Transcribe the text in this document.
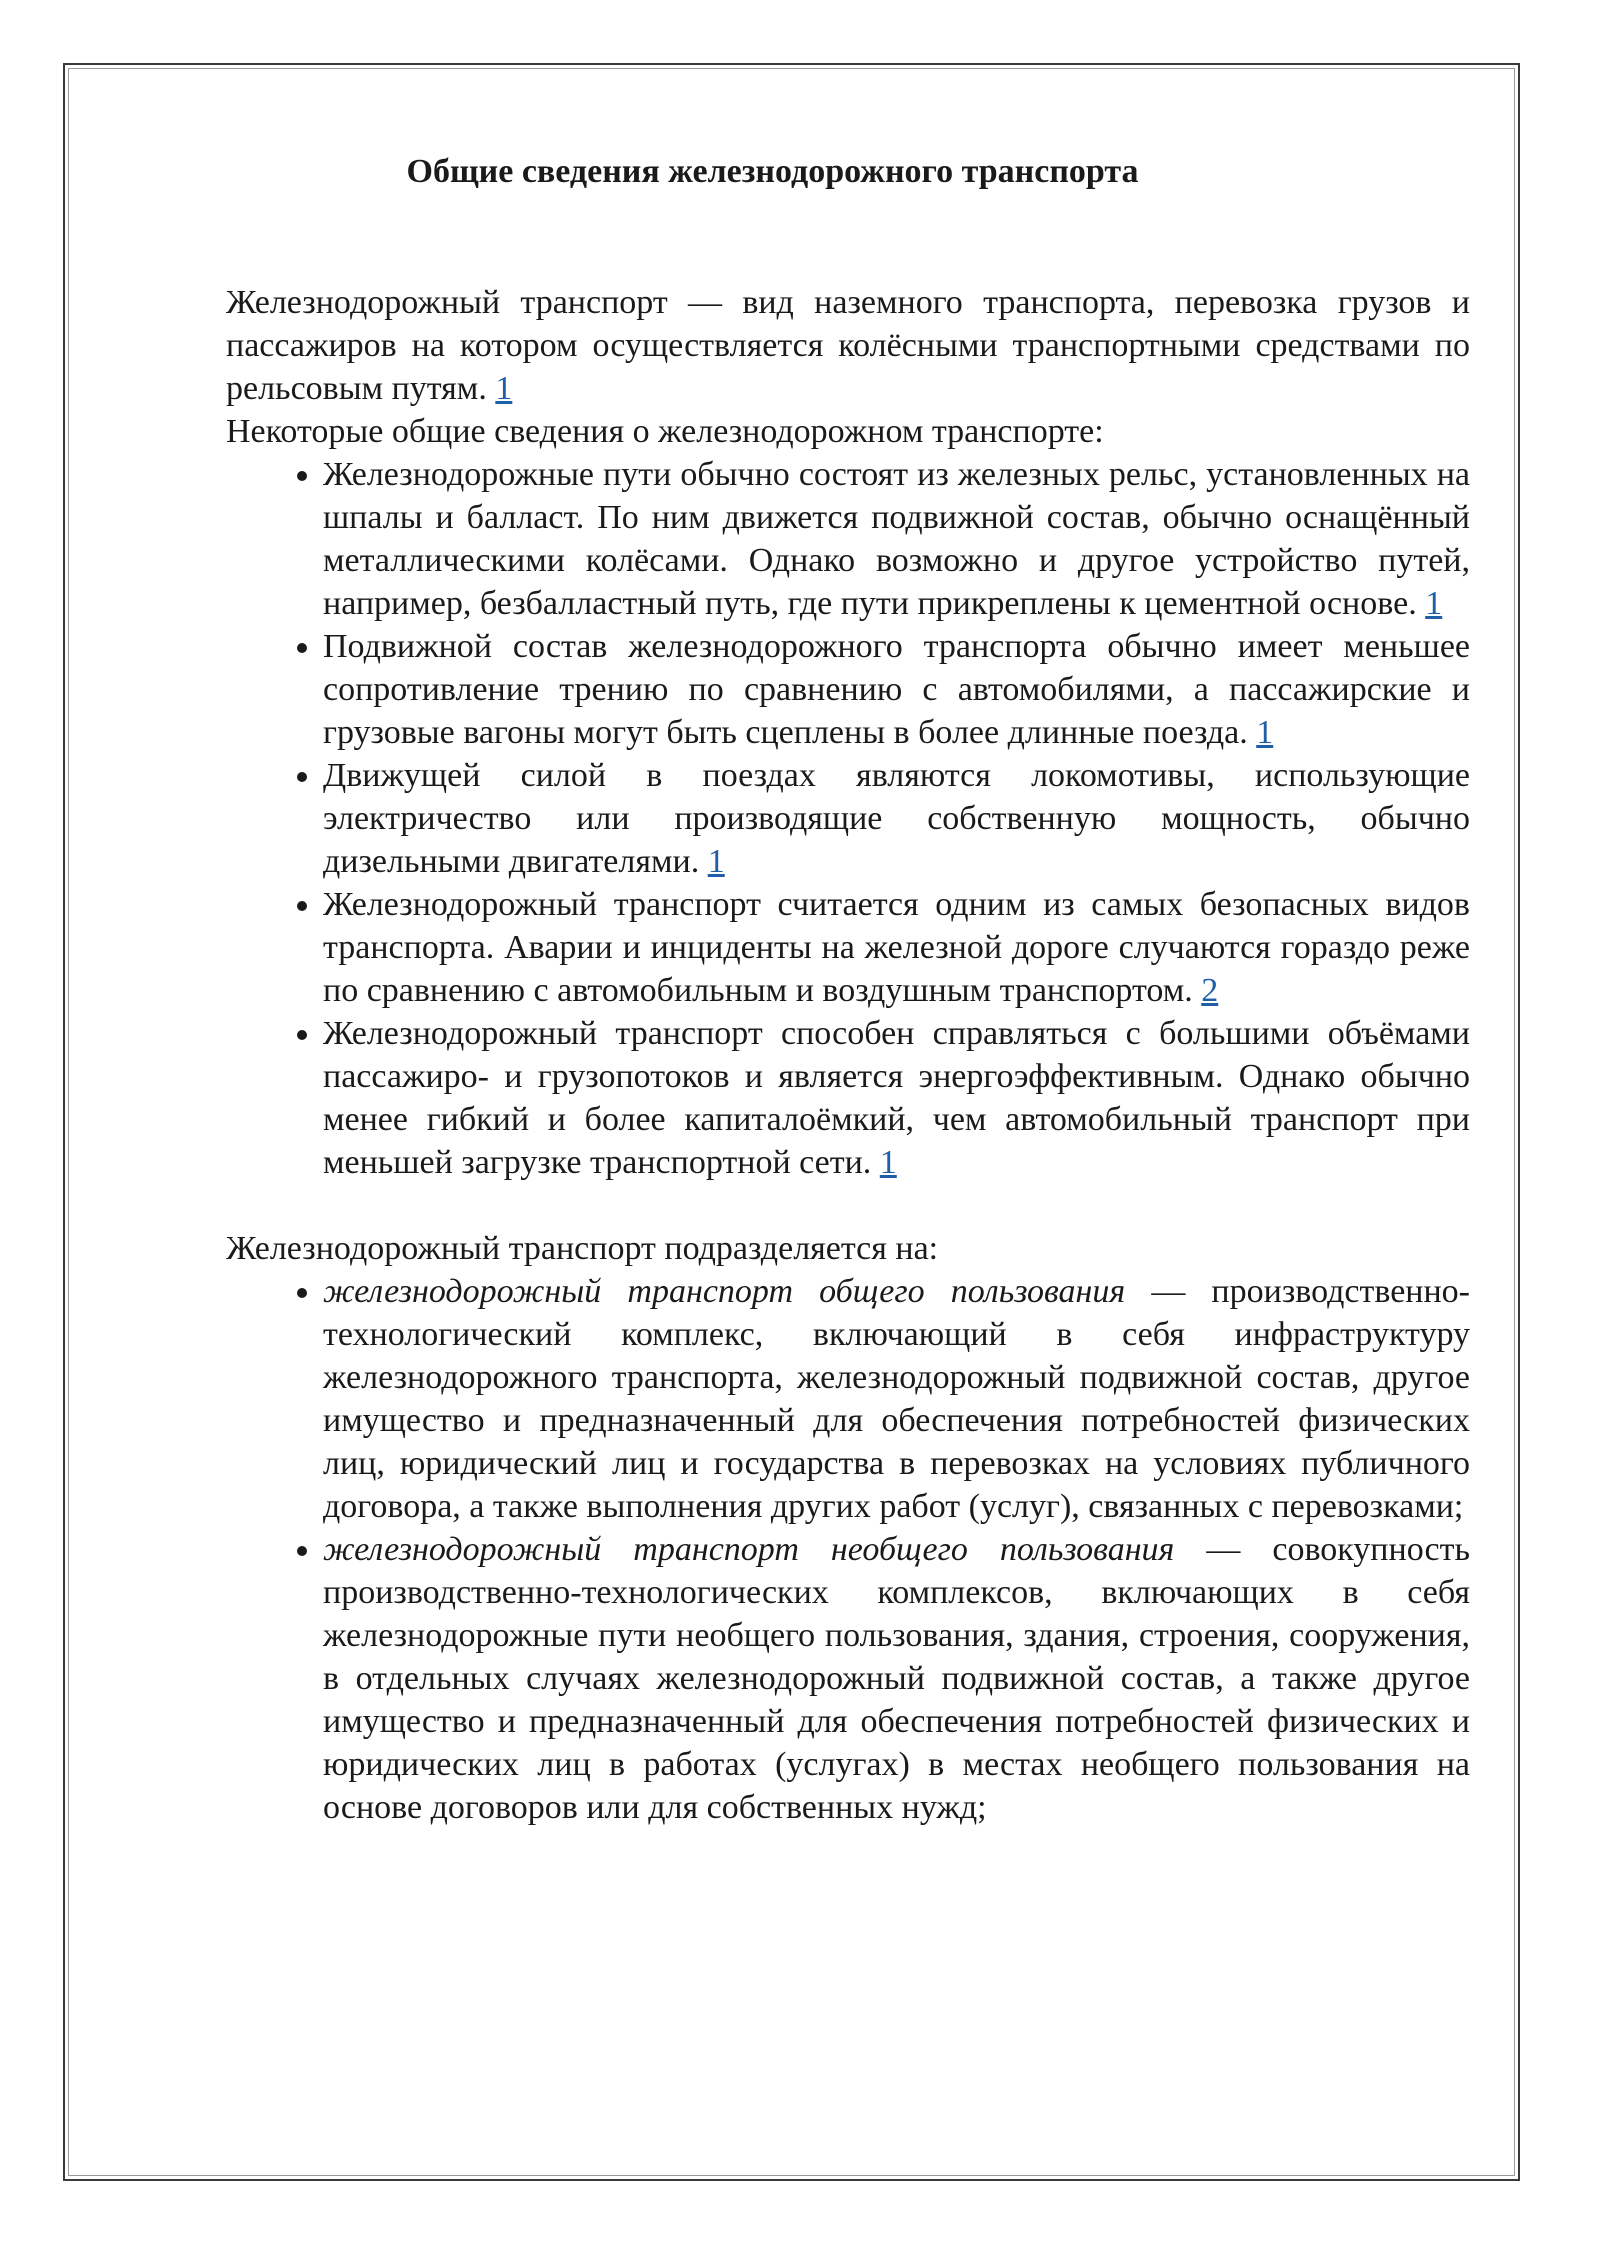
Общие сведения железнодорожного транспорта

Железнодорожный транспорт — вид наземного транспорта, перевозка грузов и пассажиров на котором осуществляется колёсными транспортными средствами по рельсовым путям. 1

Некоторые общие сведения о железнодорожном транспорте:

• Железнодорожные пути обычно состоят из железных рельс, установленных на шпалы и балласт. По ним движется подвижной состав, обычно оснащённый металлическими колёсами. Однако возможно и другое устройство путей, например, безбалластный путь, где пути прикреплены к цементной основе. 1
• Подвижной состав железнодорожного транспорта обычно имеет меньшее сопротивление трению по сравнению с автомобилями, а пассажирские и грузовые вагоны могут быть сцеплены в более длинные поезда. 1
• Движущей силой в поездах являются локомотивы, использующие электричество или производящие собственную мощность, обычно дизельными двигателями. 1
• Железнодорожный транспорт считается одним из самых безопасных видов транспорта. Аварии и инциденты на железной дороге случаются гораздо реже по сравнению с автомобильным и воздушным транспортом. 2
• Железнодорожный транспорт способен справляться с большими объёмами пассажиро- и грузопотоков и является энергоэффективным. Однако обычно менее гибкий и более капиталоёмкий, чем автомобильный транспорт при меньшей загрузке транспортной сети. 1

Железнодорожный транспорт подразделяется на:

• железнодорожный транспорт общего пользования — производственно-технологический комплекс, включающий в себя инфраструктуру железнодорожного транспорта, железнодорожный подвижной состав, другое имущество и предназначенный для обеспечения потребностей физических лиц, юридический лиц и государства в перевозках на условиях публичного договора, а также выполнения других работ (услуг), связанных с перевозками;
• железнодорожный транспорт необщего пользования — совокупность производственно-технологических комплексов, включающих в себя железнодорожные пути необщего пользования, здания, строения, сооружения, в отдельных случаях железнодорожный подвижной состав, а также другое имущество и предназначенный для обеспечения потребностей физических и юридических лиц в работах (услугах) в местах необщего пользования на основе договоров или для собственных нужд;
